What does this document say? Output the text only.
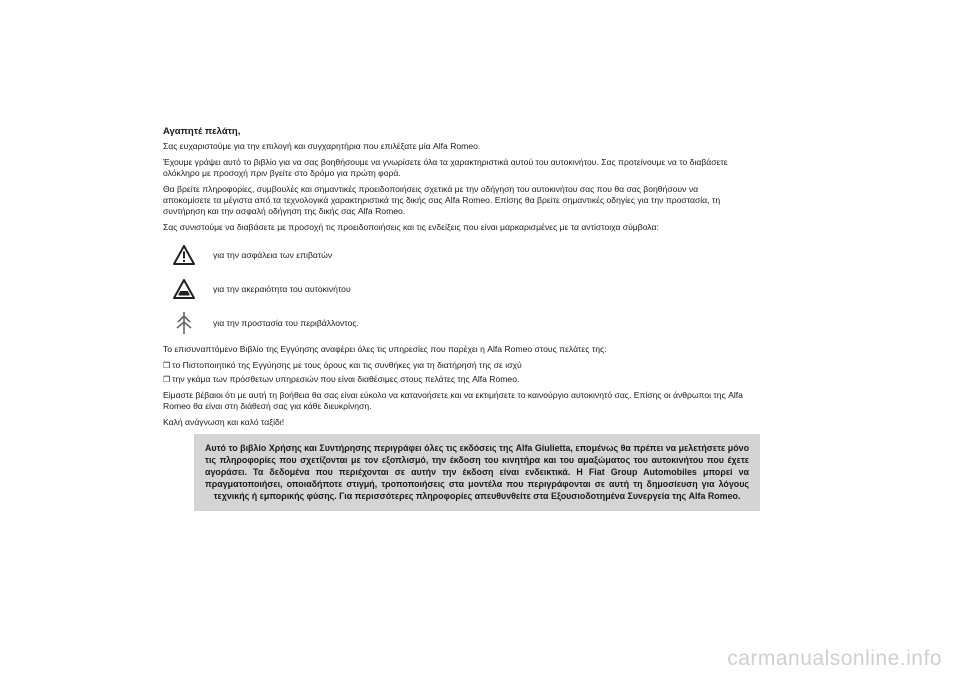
Αγαπητέ πελάτη,

Σας ευχαριστούμε για την επιλογή και συγχαρητήρια που επιλέξατε μία Alfa Romeo.

Έχουμε γράψει αυτό το βιβλίο για να σας βοηθήσουμε να γνωρίσετε όλα τα χαρακτηριστικά αυτού του αυτοκινήτου. Σας προτείνουμε να το διαβάσετε ολόκληρο με προσοχή πριν βγείτε στο δρόμο για πρώτη φορά.

Θα βρείτε πληροφορίες, συμβουλές και σημαντικές προειδοποιήσεις σχετικά με την οδήγηση του αυτοκινήτου σας που θα σας βοηθήσουν να αποκομίσετε τα μέγιστα από τα τεχνολογικά χαρακτηριστικά της δικής σας Alfa Romeo. Επίσης θα βρείτε σημαντικές οδηγίες για την προστασία, τη συντήρηση και την ασφαλή οδήγηση της δικής σας Alfa Romeo.

Σας συνιστούμε να διαβάσετε με προσοχή τις προειδοποιήσεις και τις ενδείξεις που είναι μαρκαρισμένες με τα αντίστοιχα σύμβολα:

για την ασφάλεια των επιβατών
για την ακεραιότητα του αυτοκινήτου
για την προστασία του περιβάλλοντος.

Το επισυναπτόμενο Βιβλίο της Εγγύησης αναφέρει όλες τις υπηρεσίες που παρέχει η Alfa Romeo στους πελάτες της:

❒ το Πιστοποιητικό της Εγγύησης με τους όρους και τις συνθήκες για τη διατήρησή της σε ισχύ
❒ την γκάμα των πρόσθετων υπηρεσιών που είναι διαθέσιμες στους πελάτες της Alfa Romeo.

Είμαστε βέβαιοι ότι με αυτή τη βοήθεια θα σας είναι εύκολο να κατανοήσετε και να εκτιμήσετε το καινούργιο αυτοκινητό σας. Επίσης οι άνθρωποι της Alfa Romeo θα είναι στη διάθεσή σας για κάθε διευκρίνηση.

Καλή ανάγνωση και καλό ταξίδι!

Αυτό το βιβλίο Χρήσης και Συντήρησης περιγράφει όλες τις εκδόσεις της Alfa Giulietta, επομένως θα πρέπει να μελετήσετε μόνο τις πληροφορίες που σχετίζονται με τον εξοπλισμό, την έκδοση του κινητήρα και του αμαξώματος του αυτοκινήτου που έχετε αγοράσει. Τα δεδομένα που περιέχονται σε αυτήν την έκδοση είναι ενδεικτικά. Η Fiat Group Automobiles μπορεί να πραγματοποιήσει, οποιαδήποτε στιγμή, τροποποιήσεις στα μοντέλα που περιγράφονται σε αυτή τη δημοσίευση για λόγους τεχνικής ή εμπορικής φύσης. Για περισσότερες πληροφορίες απευθυνθείτε στα Εξουσιοδοτημένα Συνεργεία της Alfa Romeo.
carmanualsonline.info
